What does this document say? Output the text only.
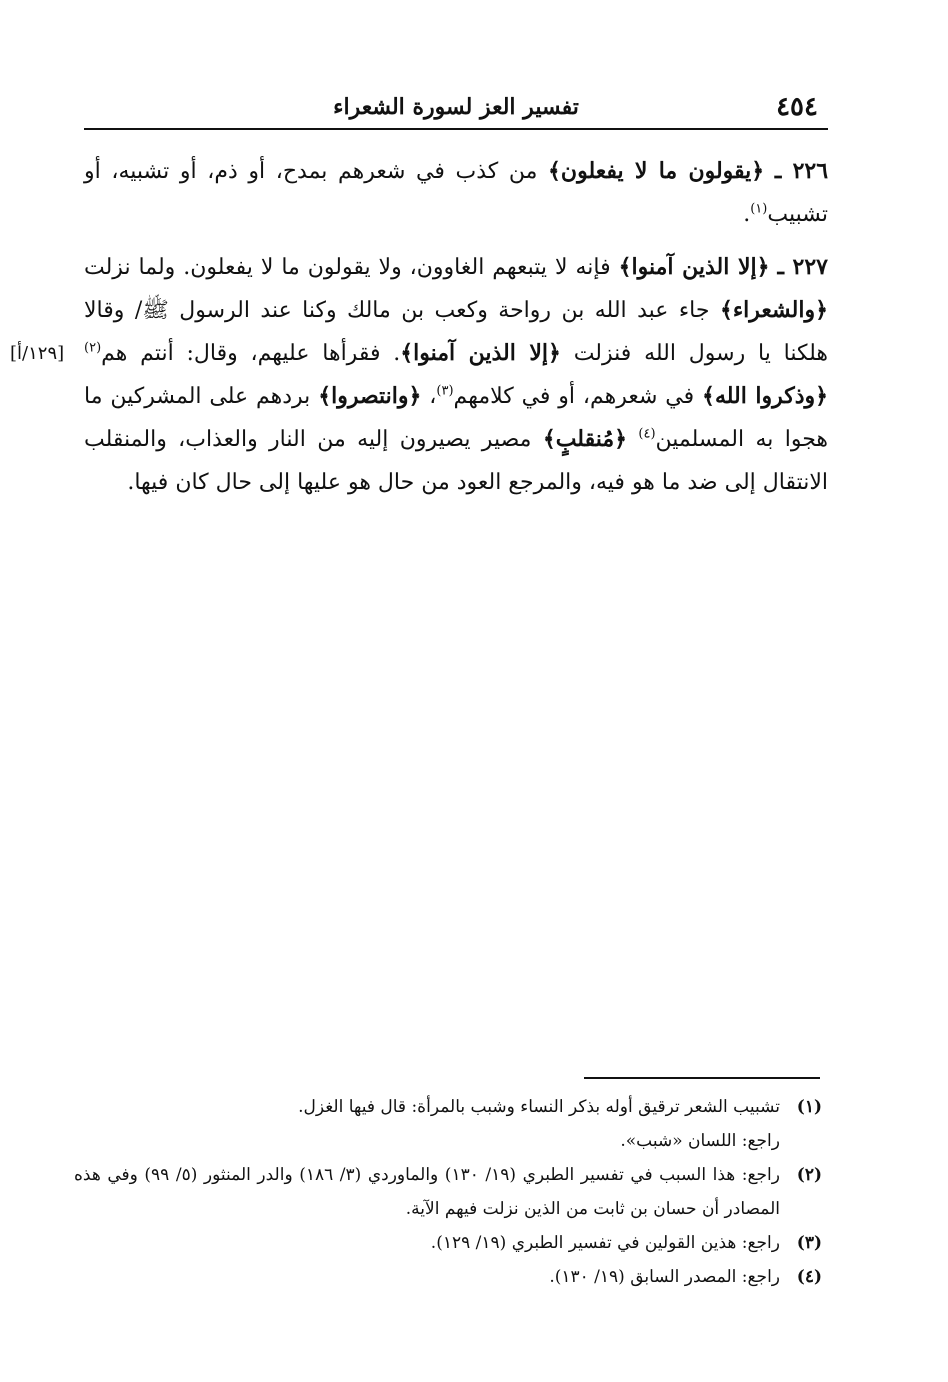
٤٥٤
تفسير العز لسورة الشعراء
[١٢٩/أ]

٢٢٦ ـ ﴿يقولون ما لا يفعلون﴾ من كذب في شعرهم بمدح، أو ذم، أو تشبيه، أو تشبيب$^{(١)}$.

٢٢٧ ـ ﴿إلا الذين آمنوا﴾ فإنه لا يتبعهم الغاوون، ولا يقولون ما لا يفعلون. ولما نزلت ﴿والشعراء﴾ جاء عبد الله بن رواحة وكعب بن مالك وكنا عند الرسول ﷺ/ وقالا هلكنا يا رسول الله فنزلت ﴿إلا الذين آمنوا﴾. فقرأها عليهم، وقال: أنتم هم$^{(٢)}$ ﴿وذكروا الله﴾ في شعرهم، أو في كلامهم$^{(٣)}$، ﴿وانتصروا﴾ بردهم على المشركين ما هجوا به المسلمين$^{(٤)}$ ﴿مُنقلبٍ﴾ مصير يصيرون إليه من النار والعذاب، والمنقلب الانتقال إلى ضد ما هو فيه، والمرجع العود من حال هو عليها إلى حال كان فيها.

(١)
تشبيب الشعر ترقيق أوله بذكر النساء وشبب بالمرأة: قال فيها الغزل.
راجع: اللسان «شبب».
(٢)
راجع: هذا السبب في تفسير الطبري (١٩/ ١٣٠) والماوردي (٣/ ١٨٦) والدر المنثور (٥/ ٩٩) وفي هذه المصادر أن حسان بن ثابت من الذين نزلت فيهم الآية.
(٣)
راجع: هذين القولين في تفسير الطبري (١٩/ ١٢٩).
(٤)
راجع: المصدر السابق (١٩/ ١٣٠).
